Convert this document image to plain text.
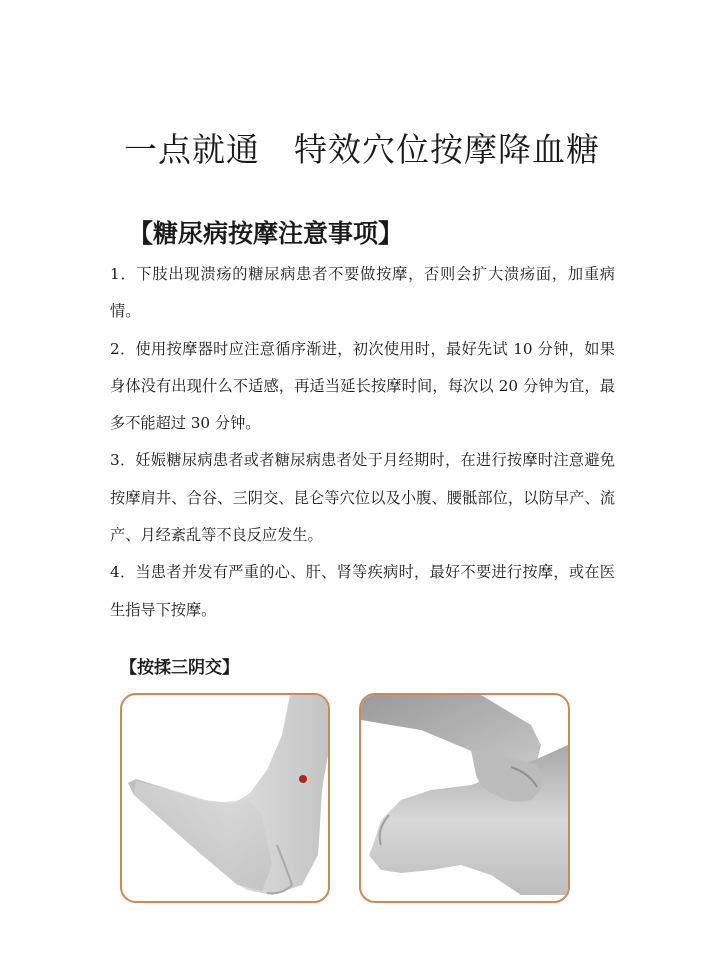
一点就通 特效穴位按摩降血糖
【糖尿病按摩注意事项】

1．下肢出现溃疡的糖尿病患者不要做按摩，否则会扩大溃疡面，加重病情。

2．使用按摩器时应注意循序渐进，初次使用时，最好先试 10 分钟，如果身体没有出现什么不适感，再适当延长按摩时间，每次以 20 分钟为宜，最多不能超过 30 分钟。

3．妊娠糖尿病患者或者糖尿病患者处于月经期时，在进行按摩时注意避免按摩肩井、合谷、三阴交、昆仑等穴位以及小腹、腰骶部位，以防早产、流产、月经紊乱等不良反应发生。

4．当患者并发有严重的心、肝、肾等疾病时，最好不要进行按摩，或在医生指导下按摩。

【按揉三阴交】
